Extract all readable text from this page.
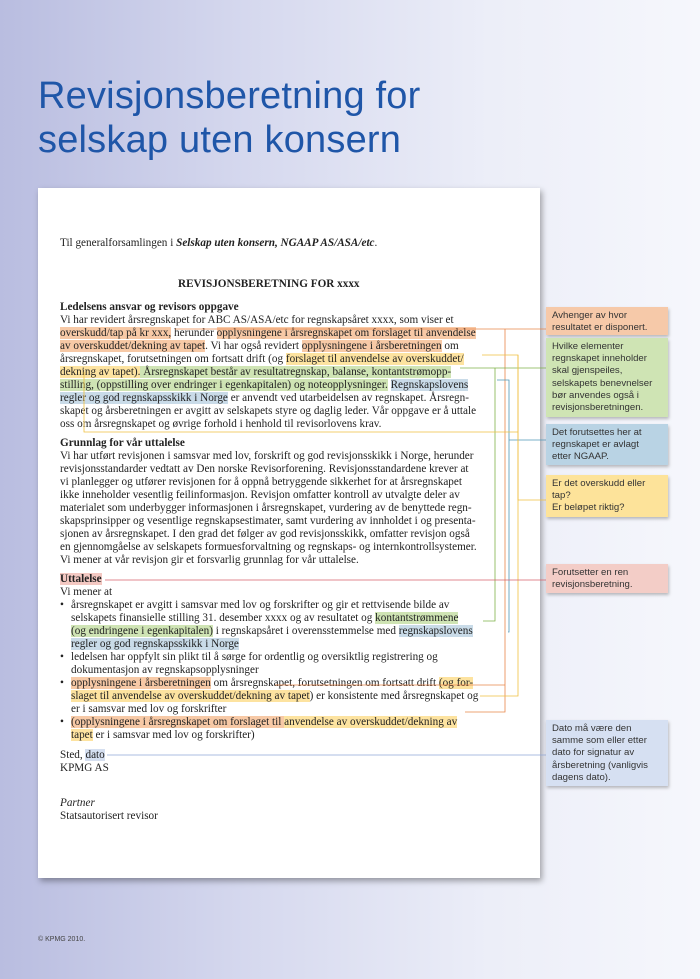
Revisjonsberetning for
selskap uten konsern
Til generalforsamlingen i Selskap uten konsern, NGAAP AS/ASA/etc.
REVISJONSBERETNING FOR xxxx
Ledelsens ansvar og revisors oppgave
Vi har revidert årsregnskapet for ABC AS/ASA/etc for regnskapsåret xxxx, som viser et
overskudd/tap på kr xxx, herunder opplysningene i årsregnskapet om forslaget til anvendelse
av overskuddet/dekning av tapet. Vi har også revidert opplysningene i årsberetningen om
årsregnskapet, forutsetningen om fortsatt drift (og forslaget til anvendelse av overskuddet/
dekning av tapet). Årsregnskapet består av resultatregnskap, balanse, kontantstrømopp-
stilling, (oppstilling over endringer i egenkapitalen) og noteopplysninger. Regnskapslovens
regler og god regnskapsskikk i Norge er anvendt ved utarbeidelsen av regnskapet. Årsregn-
skapet og årsberetningen er avgitt av selskapets styre og daglig leder. Vår oppgave er å uttale
oss om årsregnskapet og øvrige forhold i henhold til revisorlovens krav.
Grunnlag for vår uttalelse
Vi har utført revisjonen i samsvar med lov, forskrift og god revisjonsskikk i Norge, herunder
revisjonsstandarder vedtatt av Den norske Revisorforening. Revisjonsstandardene krever at
vi planlegger og utfører revisjonen for å oppnå betryggende sikkerhet for at årsregnskapet
ikke inneholder vesentlig feilinformasjon. Revisjon omfatter kontroll av utvalgte deler av
materialet som underbygger informasjonen i årsregnskapet, vurdering av de benyttede regn-
skapsprinsipper og vesentlige regnskapsestimater, samt vurdering av innholdet i og presenta-
sjonen av årsregnskapet. I den grad det følger av god revisjonsskikk, omfatter revisjon også
en gjennomgåelse av selskapets formuesforvaltning og regnskaps- og internkontrollsystemer.
Vi mener at vår revisjon gir et forsvarlig grunnlag for vår uttalelse.
Uttalelse
Vi mener at
•
•
•
•
årsregnskapet er avgitt i samsvar med lov og forskrifter og gir et rettvisende bilde av
selskapets finansielle stilling 31. desember xxxx og av resultatet og kontantstrømmene
(og endringene i egenkapitalen) i regnskapsåret i overensstemmelse med regnskapslovens
regler og god regnskapsskikk i Norge
ledelsen har oppfylt sin plikt til å sørge for ordentlig og oversiktlig registrering og
dokumentasjon av regnskapsopplysninger
opplysningene i årsberetningen om årsregnskapet, forutsetningen om fortsatt drift (og for-
slaget til anvendelse av overskuddet/dekning av tapet) er konsistente med årsregnskapet og
er i samsvar med lov og forskrifter
(opplysningene i årsregnskapet om forslaget til anvendelse av overskuddet/dekning av
tapet er i samsvar med lov og forskrifter)
Sted, dato
KPMG AS
Partner
Statsautorisert revisor
Avhenger av hvor
resultatet er disponert.
Hvilke elementer
regnskapet inneholder
skal gjenspeiles,
selskapets benevnelser
bør anvendes også i
revisjonsberetningen.
Det forutsettes her at
regnskapet er avlagt
etter NGAAP.
Er det overskudd eller
tap?
Er beløpet riktig?
Forutsetter en ren
revisjonsberetning.
Dato må være den
samme som eller etter
dato for signatur av
årsberetning (vanligvis
dagens dato).
© KPMG 2010.
